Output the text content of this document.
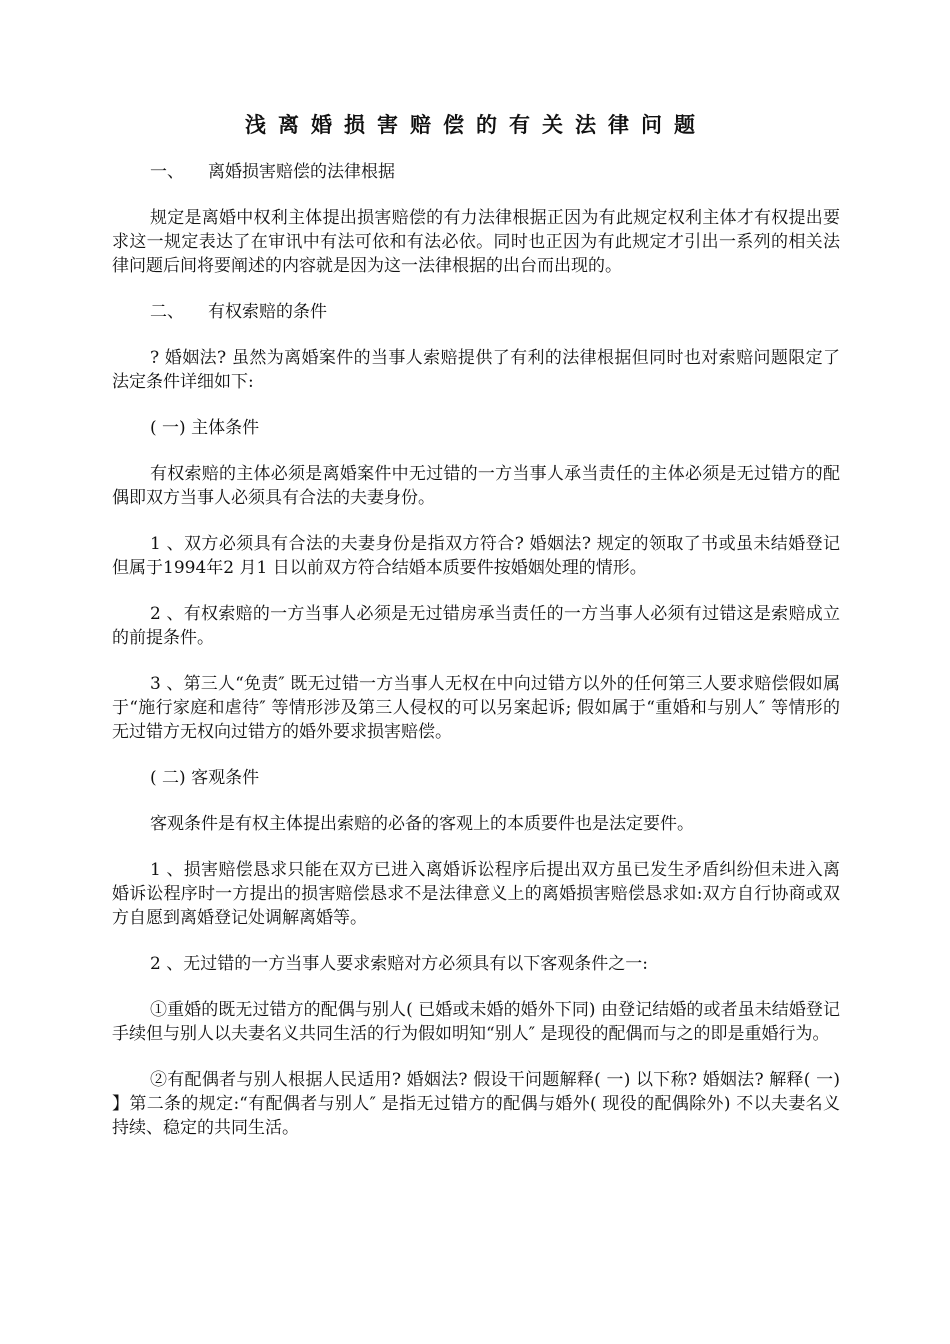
浅离婚损害赔偿的有关法律问题
一、 离婚损害赔偿的法律根据

规定是离婚中权利主体提出损害赔偿的有力法律根据正因为有此规定权利主体才有权提出要求这一规定表达了在审讯中有法可依和有法必依。同时也正因为有此规定才引出一系列的相关法律问题后间将要阐述的内容就是因为这一法律根据的出台而出现的。

二、 有权索赔的条件

? 婚姻法? 虽然为离婚案件的当事人索赔提供了有利的法律根据但同时也对索赔问题限定了法定条件详细如下:

( 一) 主体条件

有权索赔的主体必须是离婚案件中无过错的一方当事人承当责任的主体必须是无过错方的配偶即双方当事人必须具有合法的夫妻身份。

1 、双方必须具有合法的夫妻身份是指双方符合? 婚姻法? 规定的领取了书或虽未结婚登记但属于1994年2 月1 日以前双方符合结婚本质要件按婚姻处理的情形。

2 、有权索赔的一方当事人必须是无过错房承当责任的一方当事人必须有过错这是索赔成立的前提条件。

3 、第三人“免责″ 既无过错一方当事人无权在中向过错方以外的任何第三人要求赔偿假如属于“施行家庭和虐待″ 等情形涉及第三人侵权的可以另案起诉; 假如属于“重婚和与别人″ 等情形的无过错方无权向过错方的婚外要求损害赔偿。

( 二) 客观条件

客观条件是有权主体提出索赔的必备的客观上的本质要件也是法定要件。

1 、损害赔偿恳求只能在双方已进入离婚诉讼程序后提出双方虽已发生矛盾纠纷但未进入离婚诉讼程序时一方提出的损害赔偿恳求不是法律意义上的离婚损害赔偿恳求如:双方自行协商或双方自愿到离婚登记处调解离婚等。

2 、无过错的一方当事人要求索赔对方必须具有以下客观条件之一:

①重婚的既无过错方的配偶与别人( 已婚或未婚的婚外下同) 由登记结婚的或者虽未结婚登记手续但与别人以夫妻名义共同生活的行为假如明知“别人″ 是现役的配偶而与之的即是重婚行为。

②有配偶者与别人根据人民适用? 婚姻法? 假设干问题解释( 一) 以下称? 婚姻法? 解释( 一) 】第二条的规定:“有配偶者与别人″ 是指无过错方的配偶与婚外( 现役的配偶除外) 不以夫妻名义持续、稳定的共同生活。
